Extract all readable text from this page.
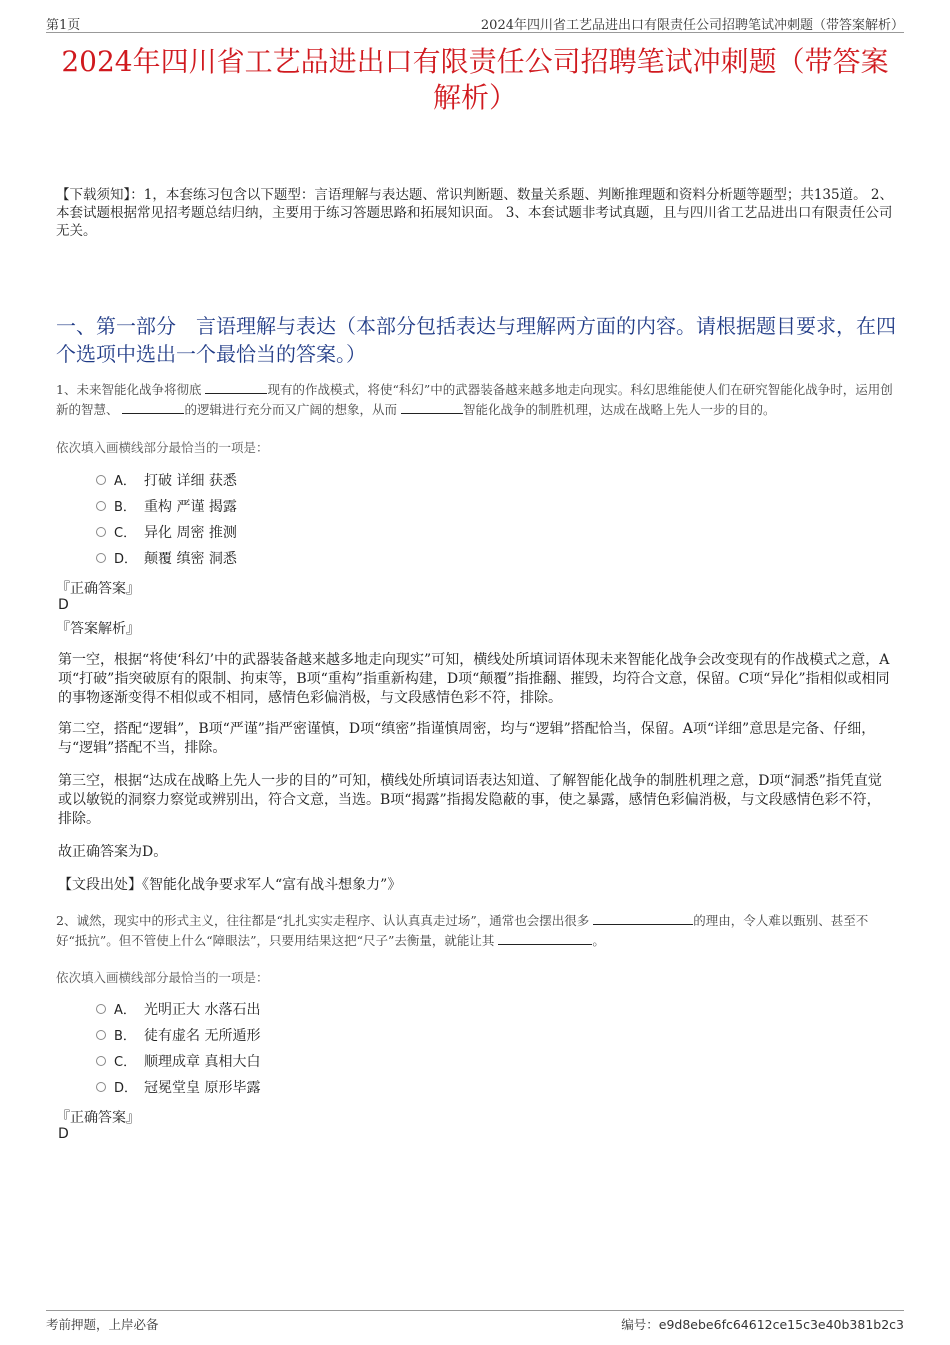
第1页	2024年四川省工艺品进出口有限责任公司招聘笔试冲刺题（带答案解析）
2024年四川省工艺品进出口有限责任公司招聘笔试冲刺题（带答案解析）
【下载须知】：1，本套练习包含以下题型：言语理解与表达题、常识判断题、数量关系题、判断推理题和资料分析题等题型；共135道。 2、本套试题根据常见招考题总结归纳，主要用于练习答题思路和拓展知识面。 3、本套试题非考试真题，且与四川省工艺品进出口有限责任公司无关。
一、第一部分　言语理解与表达（本部分包括表达与理解两方面的内容。请根据题目要求，在四个选项中选出一个最恰当的答案。）
1、未来智能化战争将彻底	现有的作战模式，将使“科幻”中的武器装备越来越多地走向现实。科幻思维能使人们在研究智能化战争时，运用创新的智慧、	的逻辑进行充分而又广阔的想象，从而	智能化战争的制胜机理，达成在战略上先人一步的目的。
依次填入画横线部分最恰当的一项是：
A． 打破 详细 获悉
B． 重构 严谨 揭露
C． 异化 周密 推测
D． 颠覆 缜密 洞悉
『正确答案』
D
『答案解析』
第一空，根据“将使‘科幻’中的武器装备越来越多地走向现实”可知，横线处所填词语体现未来智能化战争会改变现有的作战模式之意，A项“打破”指突破原有的限制、拘束等，B项“重构”指重新构建，D项“颠覆”指推翻、摧毁，均符合文意，保留。C项“异化”指相似或相同的事物逐渐变得不相似或不相同，感情色彩偏消极，与文段感情色彩不符，排除。
第二空，搭配“逻辑”，B项“严谨”指严密谨慎，D项“缜密”指谨慎周密，均与“逻辑”搭配恰当，保留。A项“详细”意思是完备、仔细，与“逻辑”搭配不当，排除。
第三空，根据“达成在战略上先人一步的目的”可知，横线处所填词语表达知道、了解智能化战争的制胜机理之意，D项“洞悉”指凭直觉或以敏锐的洞察力察觉或辨别出，符合文意，当选。B项“揭露”指揭发隐蔽的事，使之暴露，感情色彩偏消极，与文段感情色彩不符，排除。
故正确答案为D。
【文段出处】《智能化战争要求军人“富有战斗想象力”》
2、诚然，现实中的形式主义，往往都是“扎扎实实走程序、认认真真走过场”，通常也会摆出很多	的理由，令人难以甄别、甚至不好“抵抗”。但不管使上什么“障眼法”，只要用结果这把“尺子”去衡量，就能让其	。
依次填入画横线部分最恰当的一项是：
A． 光明正大 水落石出
B． 徒有虚名 无所遁形
C． 顺理成章 真相大白
D． 冠冕堂皇 原形毕露
『正确答案』
D
考前押题，上岸必备	编号：e9d8ebe6fc64612ce15c3e40b381b2c3
